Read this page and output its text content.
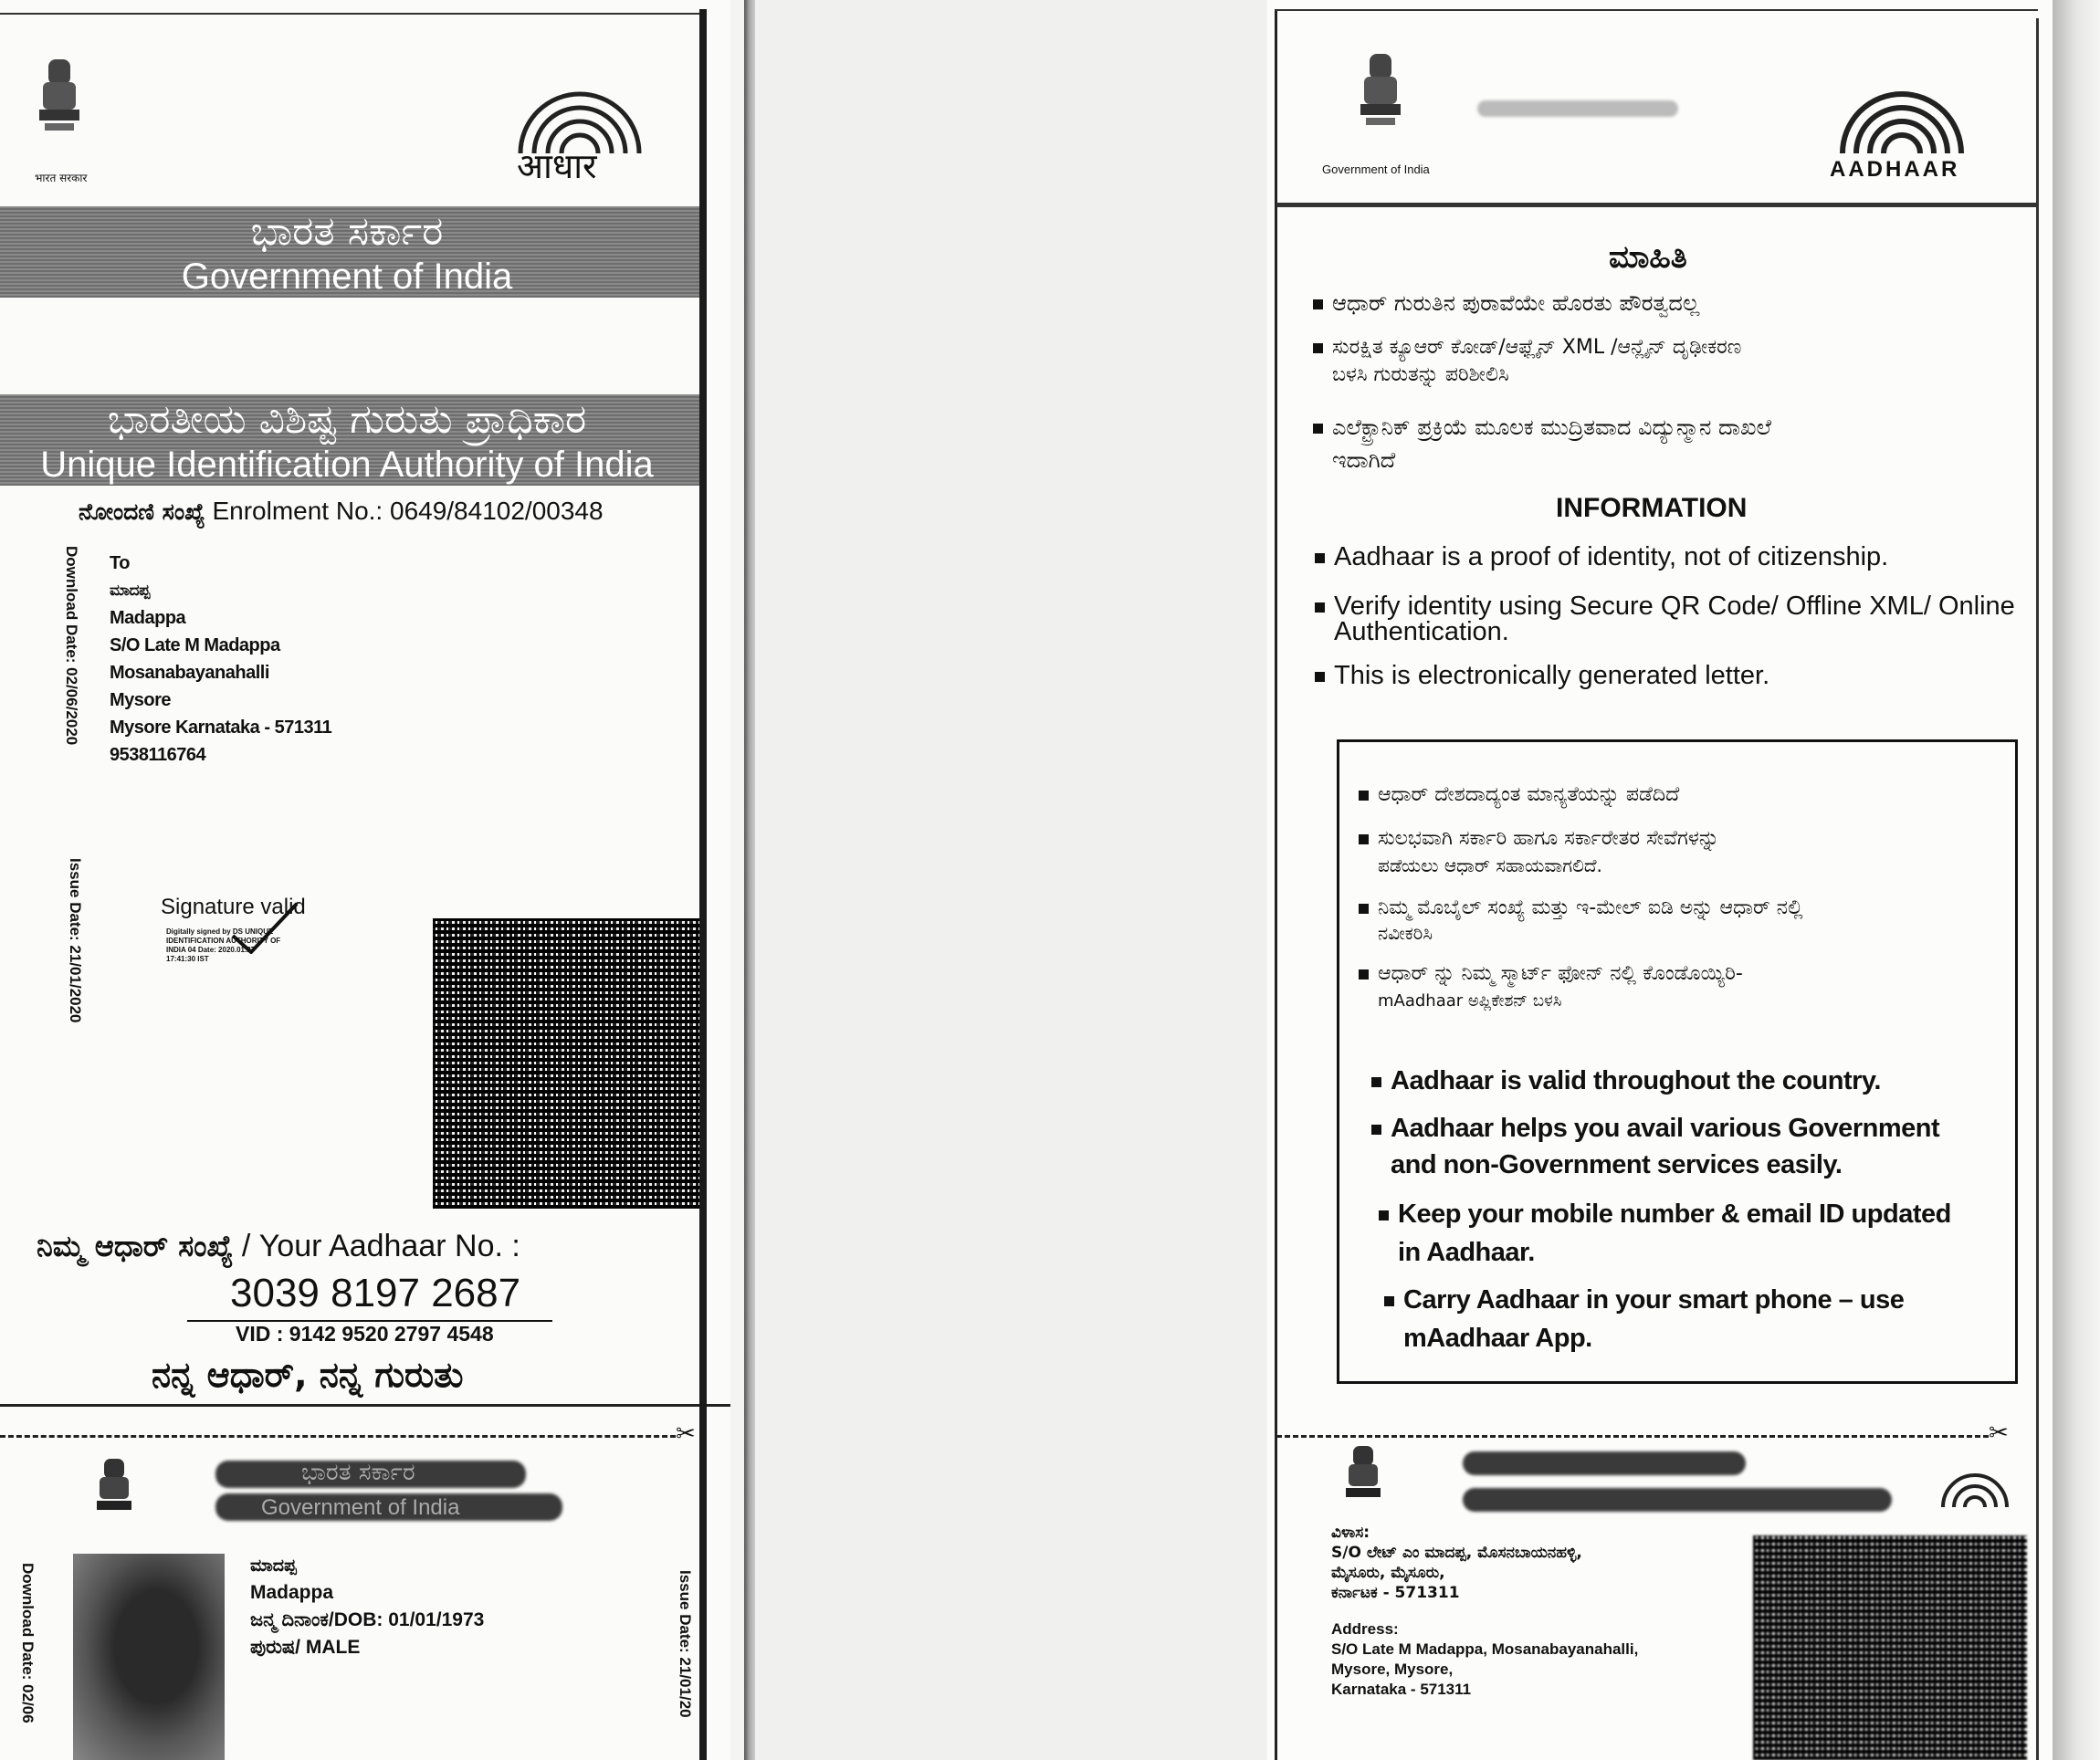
भारत सरकार	आधार
ಭಾರತ ಸರ್ಕಾರ
Government of India
ಭಾರತೀಯ ವಿಶಿಷ್ಟ ಗುರುತು ಪ್ರಾಧಿಕಾರ
Unique Identification Authority of India
ನೋಂದಣಿ ಸಂಖ್ಯೆ Enrolment No.: 0649/84102/00348
Download Date: 02/06/2020
Issue Date: 21/01/2020
To
ಮಾದಪ್ಪ
Madappa
S/O Late M Madappa
Mosanabayanahalli
Mysore
Mysore Karnataka - 571311
9538116764
Signature valid
Digitally signed by DS UNIQUE IDENTIFICATION AUTHORITY OF INDIA 04 Date: 2020.01.27 17:41:30 IST
ನಿಮ್ಮ ಆಧಾರ್ ಸಂಖ್ಯೆ / Your Aadhaar No. :
3039 8197 2687
VID : 9142 9520 2797 4548
ನನ್ನ ಆಧಾರ್, ನನ್ನ ಗುರುತು
✂
ಭಾರತ ಸರ್ಕಾರ
Government of India
Download Date: 02/06	Issue Date: 21/01/20
ಮಾದಪ್ಪ
Madappa
ಜನ್ಮ ದಿನಾಂಕ/DOB: 01/01/1973
ಪುರುಷ/ MALE
Government of India	AADHAAR
ಮಾಹಿತಿ
ಆಧಾರ್ ಗುರುತಿನ ಪುರಾವೆಯೇ ಹೊರತು ಪೌರತ್ವದಲ್ಲ
ಸುರಕ್ಷಿತ ಕ್ಯೂಆರ್ ಕೋಡ್/ಆಫ್ಲೈನ್ XML /ಆನ್ಲೈನ್ ದೃಢೀಕರಣ
ಬಳಸಿ ಗುರುತನ್ನು ಪರಿಶೀಲಿಸಿ
ಎಲೆಕ್ಟ್ರಾನಿಕ್ ಪ್ರಕ್ರಿಯೆ ಮೂಲಕ ಮುದ್ರಿತವಾದ ವಿದ್ಯುನ್ಮಾನ ದಾಖಲೆ
ಇದಾಗಿದೆ
INFORMATION
Aadhaar is a proof of identity, not of citizenship.
Verify identity using Secure QR Code/ Offline XML/ Online
Authentication.
This is electronically generated letter.
ಆಧಾರ್ ದೇಶದಾದ್ಯಂತ ಮಾನ್ಯತೆಯನ್ನು ಪಡೆದಿದೆ
ಸುಲಭವಾಗಿ ಸರ್ಕಾರಿ ಹಾಗೂ ಸರ್ಕಾರೇತರ ಸೇವೆಗಳನ್ನು
ಪಡೆಯಲು ಆಧಾರ್ ಸಹಾಯವಾಗಲಿದೆ.
ನಿಮ್ಮ ಮೊಬೈಲ್ ಸಂಖ್ಯೆ ಮತ್ತು ಇ-ಮೇಲ್ ಐಡಿ ಅನ್ನು ಆಧಾರ್ ನಲ್ಲಿ
ನವೀಕರಿಸಿ
ಆಧಾರ್ ನ್ನು ನಿಮ್ಮ ಸ್ಮಾರ್ಟ್ ಫೋನ್ ನಲ್ಲಿ ಕೊಂಡೊಯ್ಯಿರಿ-
mAadhaar ಅಪ್ಲಿಕೇಶನ್ ಬಳಸಿ
Aadhaar is valid throughout the country.
Aadhaar helps you avail various Government
and non-Government services easily.
Keep your mobile number & email ID updated
in Aadhaar.
Carry Aadhaar in your smart phone – use
mAadhaar App.
✂
ವಿಳಾಸ:
S/O ಲೇಟ್ ಎಂ ಮಾದಪ್ಪ, ಮೊಸನಬಾಯನಹಳ್ಳಿ,
ಮೈಸೂರು, ಮೈಸೂರು,
ಕರ್ನಾಟಕ - 571311
Address:
S/O Late M Madappa, Mosanabayanahalli,
Mysore, Mysore,
Karnataka - 571311
